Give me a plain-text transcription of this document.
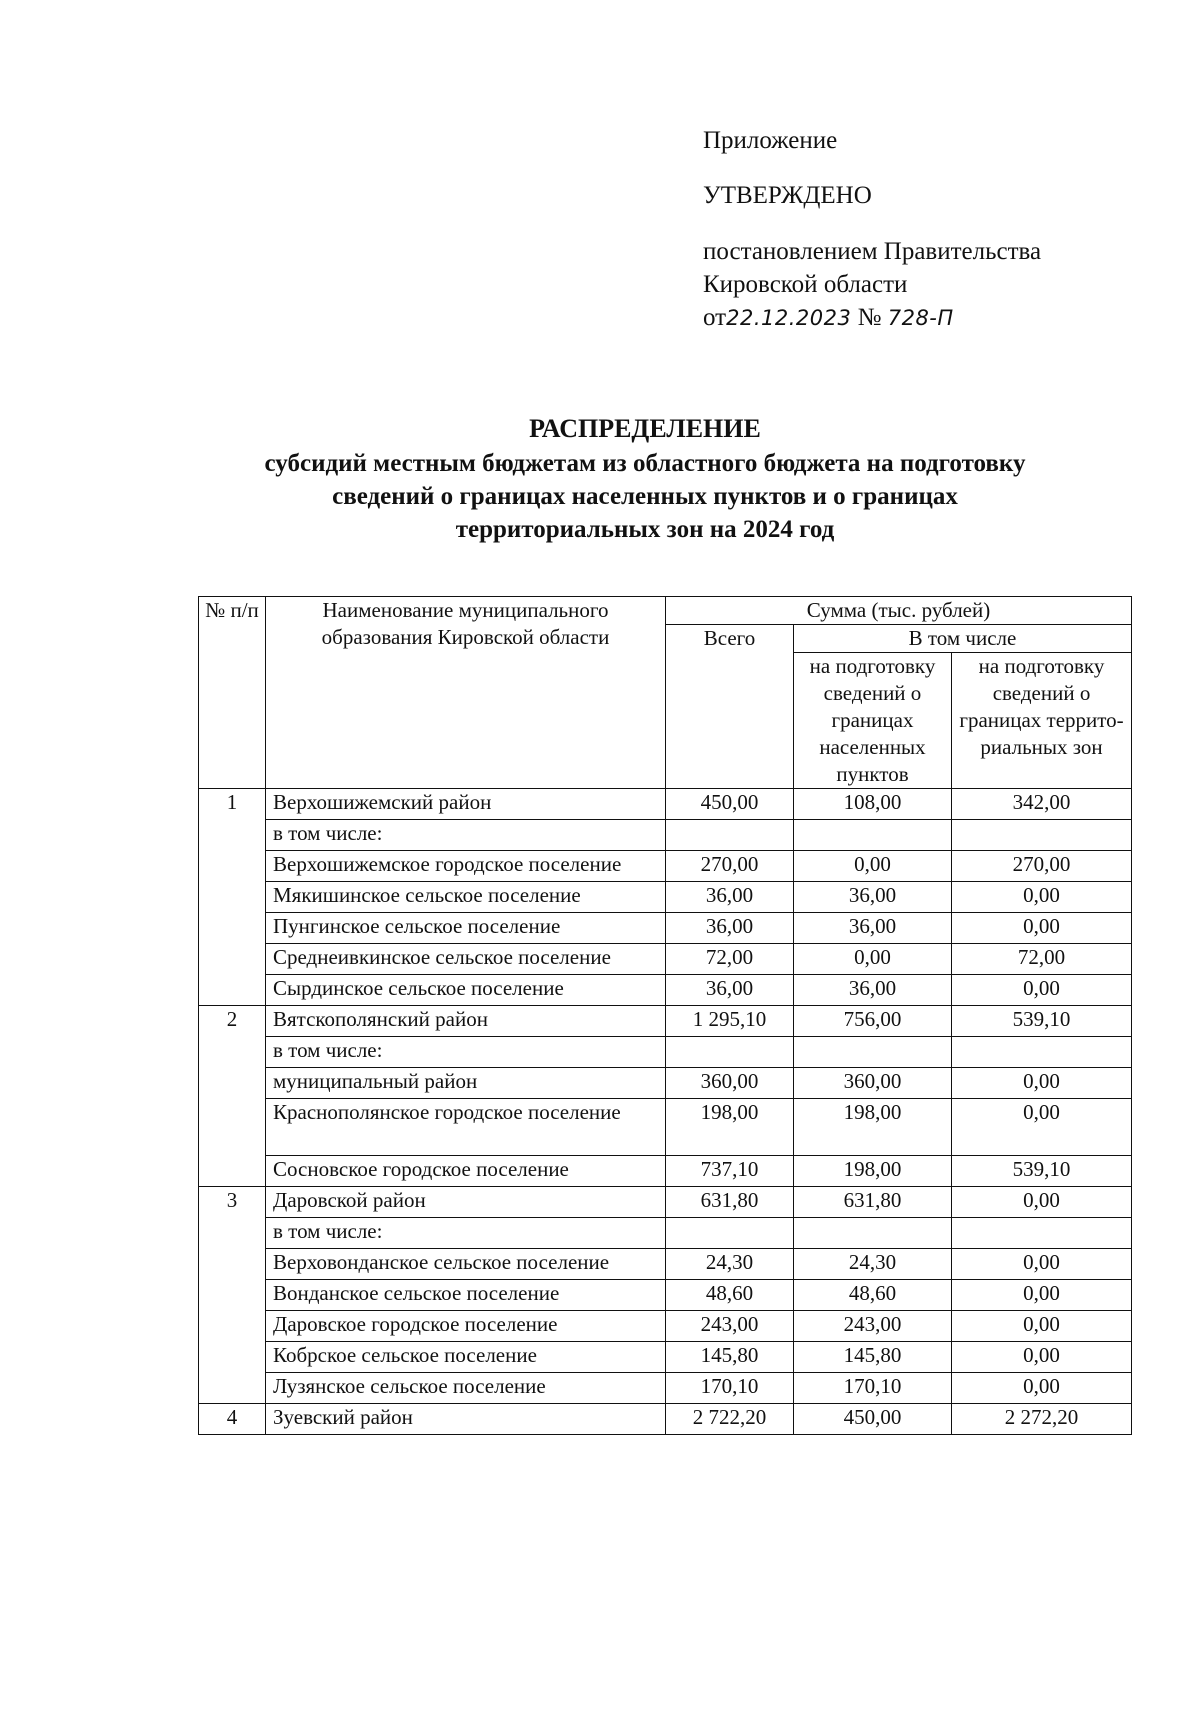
Приложение
УТВЕРЖДЕНО
постановлением Правительства
Кировской области
от22.12.2023 № 728-П
РАСПРЕДЕЛЕНИЕ
субсидий местным бюджетам из областного бюджета на подготовку
сведений о границах населенных пунктов и о границах
территориальных зон на 2024 год
№ п/п	Наименование муниципального образования Кировской области	Сумма (тыс. рублей)		
		Всего	В том числе	
			на подготовку сведений о границах населенных пунктов	на подготовку сведений о границах террито-риальных зон
1	Верхошижемский район	450,00	108,00	342,00
	в том числе:			
	Верхошижемское городское поселение	270,00	0,00	270,00
	Мякишинское сельское поселение	36,00	36,00	0,00
	Пунгинское сельское поселение	36,00	36,00	0,00
	Среднеивкинское сельское поселение	72,00	0,00	72,00
	Сырдинское сельское поселение	36,00	36,00	0,00
2	Вятскополянский район	1 295,10	756,00	539,10
	в том числе:			
	муниципальный район	360,00	360,00	0,00
	Краснополянское городское поселение	198,00	198,00	0,00
	Сосновское городское поселение	737,10	198,00	539,10
3	Даровской район	631,80	631,80	0,00
	в том числе:			
	Верховонданское сельское поселение	24,30	24,30	0,00
	Вонданское сельское поселение	48,60	48,60	0,00
	Даровское городское поселение	243,00	243,00	0,00
	Кобрское сельское поселение	145,80	145,80	0,00
	Лузянское сельское поселение	170,10	170,10	0,00
4	Зуевский район	2 722,20	450,00	2 272,20
